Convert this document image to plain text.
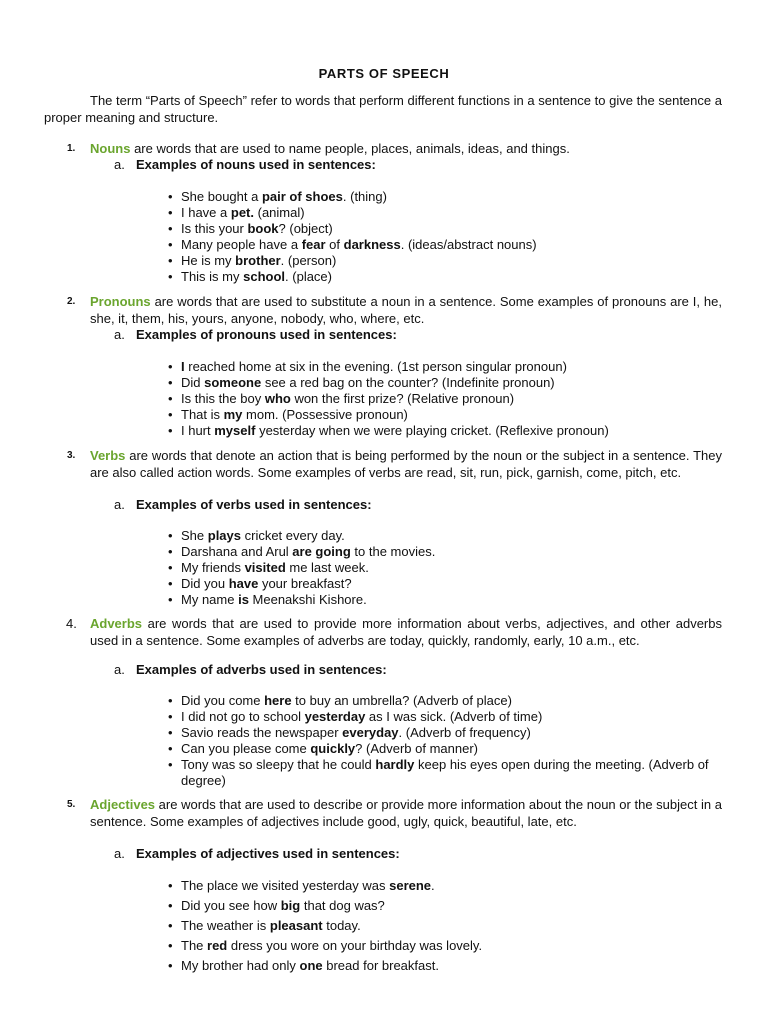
PARTS OF SPEECH
The term “Parts of Speech” refer to words that perform different functions in a sentence to give the sentence a proper meaning and structure.
1. Nouns are words that are used to name people, places, animals, ideas, and things.
a. Examples of nouns used in sentences:
• She bought a pair of shoes. (thing)
• I have a pet. (animal)
• Is this your book? (object)
• Many people have a fear of darkness. (ideas/abstract nouns)
• He is my brother. (person)
• This is my school. (place)
2. Pronouns are words that are used to substitute a noun in a sentence. Some examples of pronouns are I, he, she, it, them, his, yours, anyone, nobody, who, where, etc.
a. Examples of pronouns used in sentences:
• I reached home at six in the evening. (1st person singular pronoun)
• Did someone see a red bag on the counter? (Indefinite pronoun)
• Is this the boy who won the first prize? (Relative pronoun)
• That is my mom. (Possessive pronoun)
• I hurt myself yesterday when we were playing cricket. (Reflexive pronoun)
3. Verbs are words that denote an action that is being performed by the noun or the subject in a sentence. They are also called action words. Some examples of verbs are read, sit, run, pick, garnish, come, pitch, etc.
a. Examples of verbs used in sentences:
• She plays cricket every day.
• Darshana and Arul are going to the movies.
• My friends visited me last week.
• Did you have your breakfast?
• My name is Meenakshi Kishore.
4. Adverbs are words that are used to provide more information about verbs, adjectives, and other adverbs used in a sentence. Some examples of adverbs are today, quickly, randomly, early, 10 a.m., etc.
a. Examples of adverbs used in sentences:
• Did you come here to buy an umbrella? (Adverb of place)
• I did not go to school yesterday as I was sick. (Adverb of time)
• Savio reads the newspaper everyday. (Adverb of frequency)
• Can you please come quickly? (Adverb of manner)
• Tony was so sleepy that he could hardly keep his eyes open during the meeting. (Adverb of degree)
5. Adjectives are words that are used to describe or provide more information about the noun or the subject in a sentence. Some examples of adjectives include good, ugly, quick, beautiful, late, etc.
a. Examples of adjectives used in sentences:
• The place we visited yesterday was serene.
• Did you see how big that dog was?
• The weather is pleasant today.
• The red dress you wore on your birthday was lovely.
• My brother had only one bread for breakfast.
